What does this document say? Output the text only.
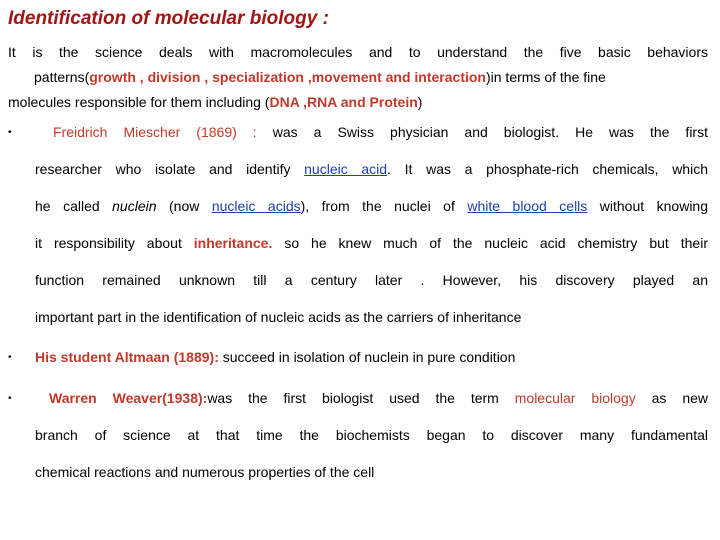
Identification of molecular biology :
It is the science deals with macromolecules and to understand the five basic behaviors
patterns(growth , division , specialization ,movement and interaction)in terms of the fine
molecules responsible for them including (DNA ,RNA and Protein)
•	Freidrich Miescher (1869) : was a Swiss physician and biologist. He was the first
researcher who isolate and identify nucleic acid. It was a phosphate-rich chemicals, which
he called nuclein (now nucleic acids), from the nuclei of white blood cells without knowing
it responsibility about inheritance. so he knew much of the nucleic acid chemistry but their
function remained unknown till a century later . However, his discovery played an
important part in the identification of nucleic acids as the carriers of inheritance
•	His student Altmaan (1889): succeed in isolation of nuclein in pure condition
•	Warren Weaver(1938):was the first biologist used the term molecular biology as new
branch of science at that time the biochemists began to discover many fundamental
chemical reactions and numerous properties of the cell
